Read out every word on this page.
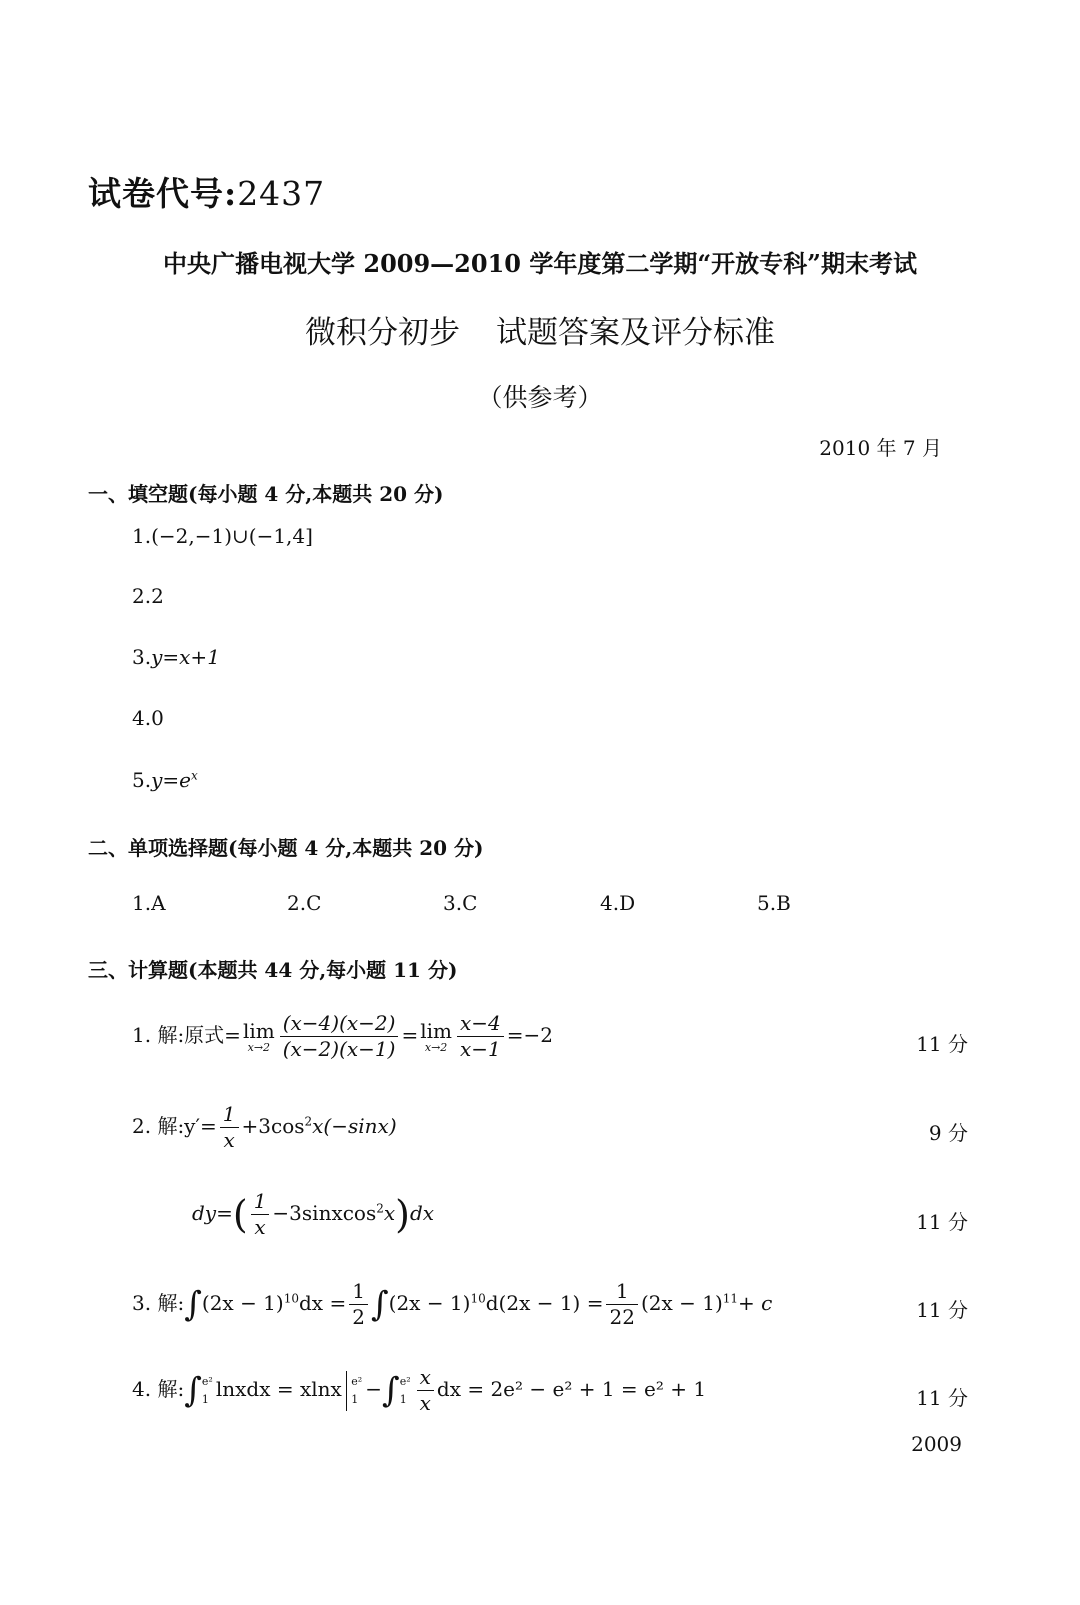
试卷代号:2437
中央广播电视大学 2009—2010 学年度第二学期“开放专科”期末考试
微积分初步 试题答案及评分标准
（供参考）
2010 年 7 月
一、填空题(每小题 4 分,本题共 20 分)
1.(−2,−1)∪(−1,4]
2.2
3.y=x+1
4.0
$5.y=e^x$
二、单项选择题(每小题 4 分,本题共 20 分)
1.A	2.C	3.C	4.D	5.B
三、计算题(本题共 44 分,每小题 11 分)
1. 解:原式= lim
$x\to 2 \frac{(x-4)(x-2)}{(x-2)(x-1)} = \lim$
$x\to 2 \frac{x-4}{x-1} =-2$	11 分
2. 解:y′= $\frac{1}{x} +3\cos^2x(-\sin x)$	9 分
$dy=( \frac{1}{x}$ −3sinxcos$^2$x)dx	11 分
3. 解:∫(2x − $1)^{10}dx = \frac{1}{2} \int(2x - 1)^{10}d(2x - 1) = \frac{1}{22} (2x - 1)^{11}+ c$	11 分
4. 解:∫ e²
1 lnxdx = xlnx e²
1 −∫ e²
$1 \frac{x}{x}$ dx = 2e² − e² + 1 = e² + 1	11 分
2009
